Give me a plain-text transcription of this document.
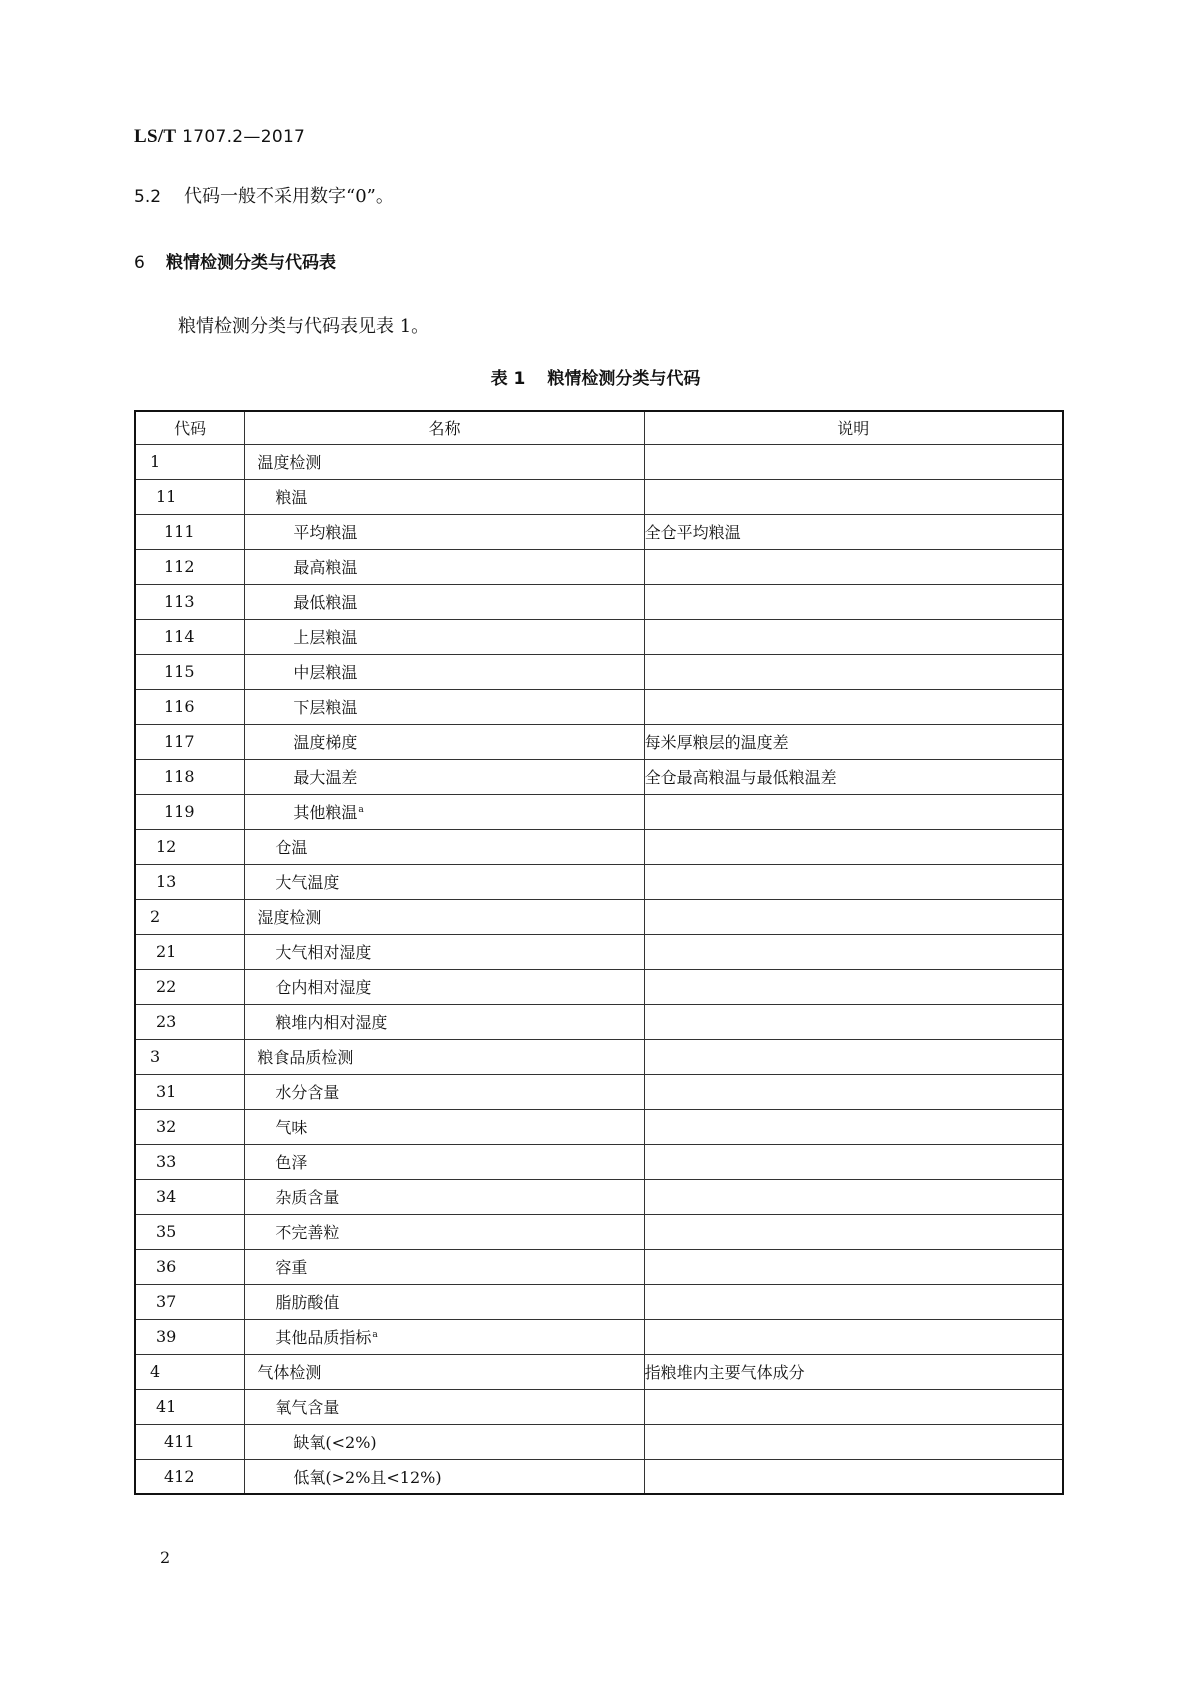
LS/T 1707.2—2017
5.2 代码一般不采用数字“0”。
6 粮情检测分类与代码表
粮情检测分类与代码表见表 1。
表 1 粮情检测分类与代码
代码	名称	说明
1	温度检测	
11	粮温	
111	平均粮温	全仓平均粮温
112	最高粮温	
113	最低粮温	
114	上层粮温	
115	中层粮温	
116	下层粮温	
117	温度梯度	每米厚粮层的温度差
118	最大温差	全仓最高粮温与最低粮温差
119	其他粮温$^a$	
12	仓温	
13	大气温度	
2	湿度检测	
21	大气相对湿度	
22	仓内相对湿度	
23	粮堆内相对湿度	
3	粮食品质检测	
31	水分含量	
32	气味	
33	色泽	
34	杂质含量	
35	不完善粒	
36	容重	
37	脂肪酸值	
39	其他品质指标$^a$	
4	气体检测	指粮堆内主要气体成分
41	氧气含量	
411	缺氧(<2%)	
412	低氧(>2%且<12%)	
2
